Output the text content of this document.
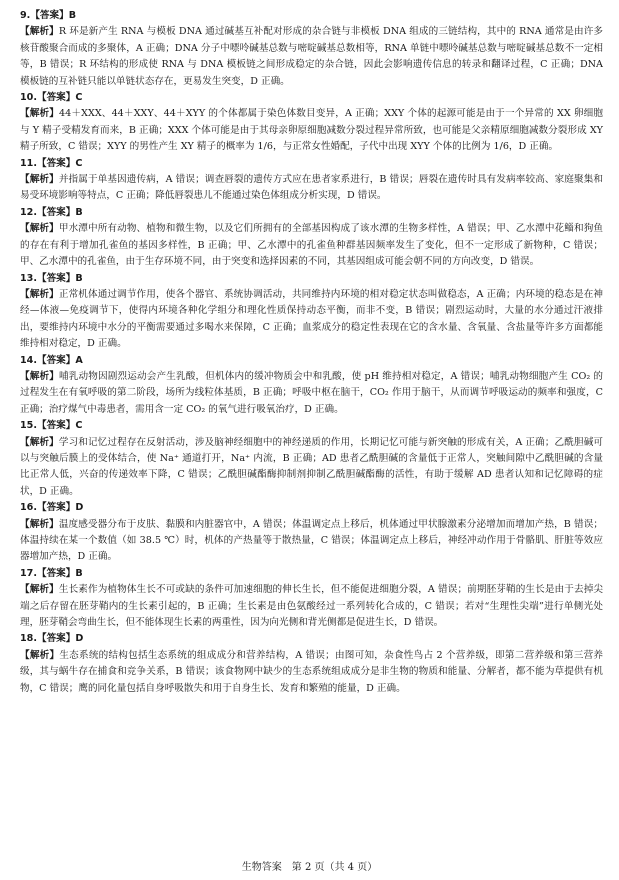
9.【答案】B
【解析】R 环是新产生 RNA 与模板 DNA 通过碱基互补配对形成的杂合链与非模板 DNA 组成的三链结构，其中的 RNA 通常是由许多核苷酸聚合而成的多聚体，A 正确；DNA 分子中嘌呤碱基总数与嘧啶碱基总数相等，RNA 单链中嘌呤碱基总数与嘧啶碱基总数不一定相等，B 错误；R 环结构的形成使 RNA 与 DNA 模板链之间形成稳定的杂合链，因此会影响遗传信息的转录和翻译过程，C 正确；DNA 模板链的互补链只能以单链状态存在，更易发生突变，D 正确。
10.【答案】C
【解析】44＋XXX、44＋XXY、44＋XYY 的个体都属于染色体数目变异，A 正确；XXY 个体的起源可能是由于一个异常的 XX 卵细胞与 Y 精子受精发育而来，B 正确；XXX 个体可能是由于其母亲卵原细胞减数分裂过程异常所致，也可能是父亲精原细胞减数分裂形成 XY 精子所致，C 错误；XYY 的男性产生 XY 精子的概率为 1/6，与正常女性婚配，子代中出现 XYY 个体的比例为 1/6，D 正确。
11.【答案】C
【解析】并指属于单基因遗传病，A 错误；调查唇裂的遗传方式应在患者家系进行，B 错误；唇裂在遗传时具有发病率较高、家庭聚集和易受环境影响等特点，C 正确；降低唇裂患儿不能通过染色体组成分析实现，D 错误。
12.【答案】B
【解析】甲水潭中所有动物、植物和微生物，以及它们所拥有的全部基因构成了该水潭的生物多样性，A 错误；甲、乙水潭中花鲻和狗鱼的存在有利于增加孔雀鱼的基因多样性，B 正确；甲、乙水潭中的孔雀鱼种群基因频率发生了变化，但不一定形成了新物种，C 错误；甲、乙水潭中的孔雀鱼，由于生存环境不同，由于突变和选择因素的不同，其基因组成可能会朝不同的方向改变，D 错误。
13.【答案】B
【解析】正常机体通过调节作用，使各个器官、系统协调活动，共同维持内环境的相对稳定状态叫做稳态，A 正确；内环境的稳态是在神经—体液—免疫调节下，使得内环境各种化学组分和理化性质保持动态平衡，而非不变，B 错误；剧烈运动时，大量的水分通过汗液排出，要维持内环境中水分的平衡需要通过多喝水来保障，C 正确；血浆成分的稳定性表现在它的含水量、含氧量、含盐量等许多方面都能维持相对稳定，D 正确。
14.【答案】A
【解析】哺乳动物因剧烈运动会产生乳酸，但机体内的缓冲物质会中和乳酸，使 pH 维持相对稳定，A 错误；哺乳动物细胞产生 CO₂ 的过程发生在有氧呼吸的第二阶段，场所为线粒体基质，B 正确；呼吸中枢在脑干，CO₂ 作用于脑干，从而调节呼吸运动的频率和强度，C 正确；治疗煤气中毒患者，需用含一定 CO₂ 的氧气进行吸氧治疗，D 正确。
15.【答案】C
【解析】学习和记忆过程存在反射活动，涉及脑神经细胞中的神经递质的作用，长期记忆可能与新突触的形成有关，A 正确；乙酰胆碱可以与突触后膜上的受体结合，使 Na⁺ 通道打开，Na⁺ 内流，B 正确；AD 患者乙酰胆碱的含量低于正常人，突触间隙中乙酰胆碱的含量比正常人低，兴奋的传递效率下降，C 错误；乙酰胆碱酯酶抑制剂抑制乙酰胆碱酯酶的活性，有助于缓解 AD 患者认知和记忆障碍的症状，D 正确。
16.【答案】D
【解析】温度感受器分布于皮肤、黏膜和内脏器官中，A 错误；体温调定点上移后，机体通过甲状腺激素分泌增加而增加产热，B 错误；体温持续在某一个数值（如 38.5 ℃）时，机体的产热量等于散热量，C 错误；体温调定点上移后，神经冲动作用于骨骼肌、肝脏等效应器增加产热，D 正确。
17.【答案】B
【解析】生长素作为植物体生长不可或缺的条件可加速细胞的伸长生长，但不能促进细胞分裂，A 错误；前期胚芽鞘的生长是由于去掉尖端之后存留在胚芽鞘内的生长素引起的，B 正确；生长素是由色氨酸经过一系列转化合成的，C 错误；若对“生理性尖端”进行单侧光处理，胚芽鞘会弯曲生长，但不能体现生长素的两重性，因为向光侧和背光侧都是促进生长，D 错误。
18.【答案】D
【解析】生态系统的结构包括生态系统的组成成分和营养结构，A 错误；由图可知，杂食性鸟占 2 个营养级，即第二营养级和第三营养级，其与蜗牛存在捕食和竞争关系，B 错误；该食物网中缺少的生态系统组成成分是非生物的物质和能量、分解者，都不能为草提供有机物，C 错误；鹰的同化量包括自身呼吸散失和用于自身生长、发育和繁殖的能量，D 正确。
生物答案　第 2 页（共 4 页）
